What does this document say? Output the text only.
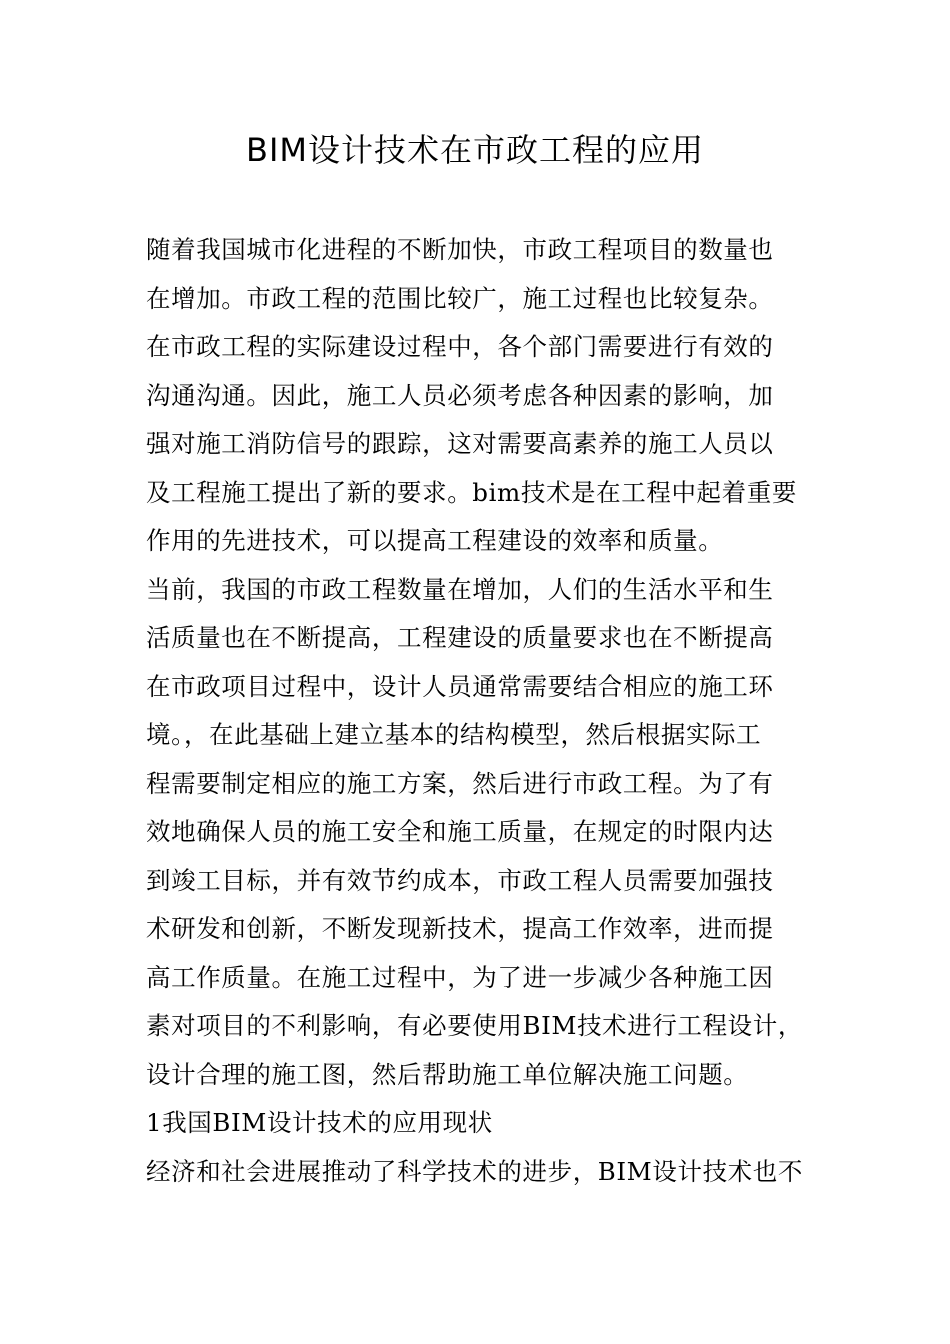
BIM设计技术在市政工程的应用
随着我国城市化进程的不断加快，市政工程项目的数量也
在增加。市政工程的范围比较广，施工过程也比较复杂。
在市政工程的实际建设过程中，各个部门需要进行有效的
沟通沟通。因此，施工人员必须考虑各种因素的影响，加
强对施工消防信号的跟踪，这对需要高素养的施工人员以
及工程施工提出了新的要求。bim技术是在工程中起着重要
作用的先进技术，可以提高工程建设的效率和质量。
当前，我国的市政工程数量在增加，人们的生活水平和生
活质量也在不断提高，工程建设的质量要求也在不断提高
在市政项目过程中，设计人员通常需要结合相应的施工环
境。，在此基础上建立基本的结构模型，然后根据实际工
程需要制定相应的施工方案，然后进行市政工程。为了有
效地确保人员的施工安全和施工质量，在规定的时限内达
到竣工目标，并有效节约成本，市政工程人员需要加强技
术研发和创新，不断发现新技术，提高工作效率，进而提
高工作质量。在施工过程中，为了进一步减少各种施工因
素对项目的不利影响，有必要使用BIM技术进行工程设计，
设计合理的施工图，然后帮助施工单位解决施工问题。
1我国BIM设计技术的应用现状
经济和社会进展推动了科学技术的进步，BIM设计技术也不
